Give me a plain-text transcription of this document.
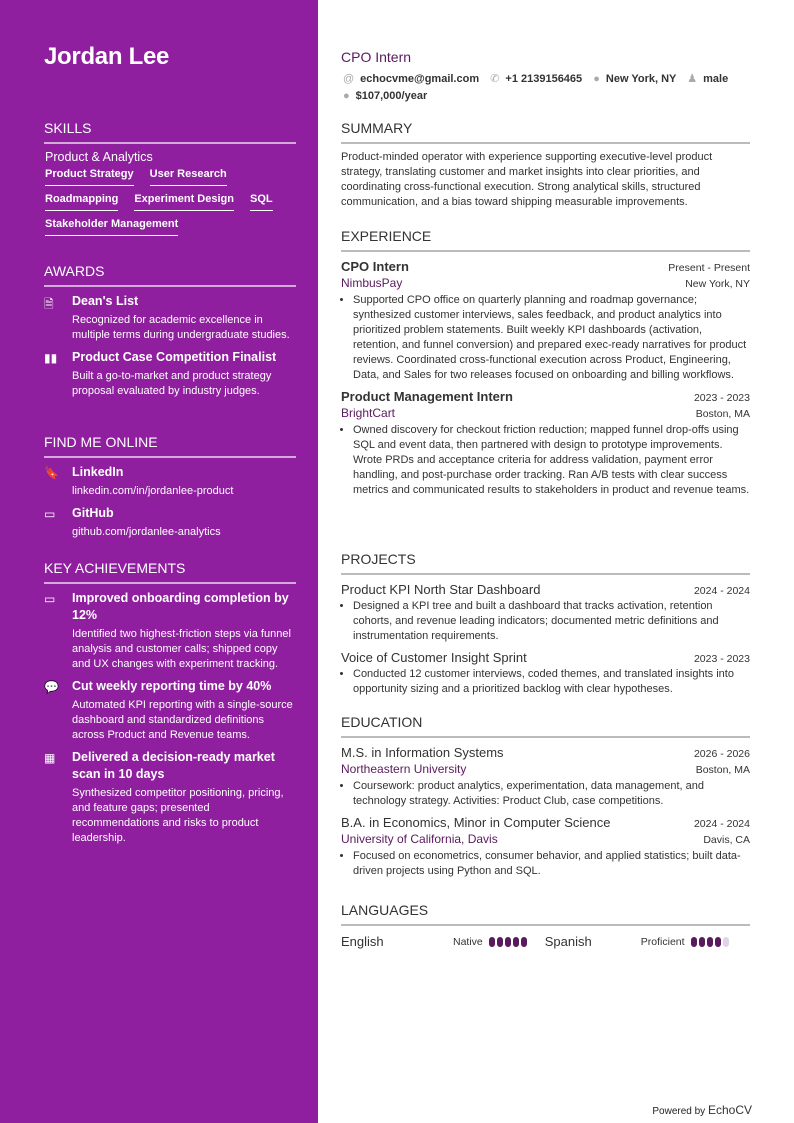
Jordan Lee
SKILLS
Product & Analytics
Product Strategy User Research
Roadmapping Experiment Design SQL
Stakeholder Management
AWARDS
🗎	Dean's List
Recognized for academic excellence in multiple terms during undergraduate studies.
▮▮	Product Case Competition Finalist
Built a go-to-market and product strategy proposal evaluated by industry judges.
FIND ME ONLINE
🔖	LinkedIn
linkedin.com/in/jordanlee-product
▭	GitHub
github.com/jordanlee-analytics
KEY ACHIEVEMENTS
▭	Improved onboarding completion by 12%
Identified two highest-friction steps via funnel analysis and customer calls; shipped copy and UX changes with experiment tracking.
💬	Cut weekly reporting time by 40%
Automated KPI reporting with a single-source dashboard and standardized definitions across Product and Revenue teams.
▦	Delivered a decision-ready market scan in 10 days
Synthesized competitor positioning, pricing, and feature gaps; presented recommendations and risks to product leadership.
CPO Intern
@ echocvme@gmail.com ✆ +1 2139156465 ● New York, NY ♟ male
● $107,000/year
SUMMARY
Product-minded operator with experience supporting executive-level product strategy, translating customer and market insights into clear priorities, and coordinating cross-functional execution. Strong analytical skills, structured communication, and a bias toward shipping measurable improvements.
EXPERIENCE
CPO Intern	Present - Present
NimbusPay	New York, NY
• Supported CPO office on quarterly planning and roadmap governance; synthesized customer interviews, sales feedback, and product analytics into prioritized problem statements. Built weekly KPI dashboards (activation, retention, and funnel conversion) and prepared exec-ready narratives for product reviews. Coordinated cross-functional execution across Product, Engineering, Data, and Sales for two releases focused on onboarding and billing workflows.
Product Management Intern	2023 - 2023
BrightCart	Boston, MA
• Owned discovery for checkout friction reduction; mapped funnel drop-offs using SQL and event data, then partnered with design to prototype improvements. Wrote PRDs and acceptance criteria for address validation, payment error handling, and post-purchase order tracking. Ran A/B tests with clear success metrics and communicated results to stakeholders in product and revenue teams.
PROJECTS
Product KPI North Star Dashboard	2024 - 2024
• Designed a KPI tree and built a dashboard that tracks activation, retention cohorts, and revenue leading indicators; documented metric definitions and instrumentation requirements.
Voice of Customer Insight Sprint	2023 - 2023
• Conducted 12 customer interviews, coded themes, and translated insights into opportunity sizing and a prioritized backlog with clear hypotheses.
EDUCATION
M.S. in Information Systems	2026 - 2026
Northeastern University	Boston, MA
• Coursework: product analytics, experimentation, data management, and technology strategy. Activities: Product Club, case competitions.
B.A. in Economics, Minor in Computer Science	2024 - 2024
University of California, Davis	Davis, CA
• Focused on econometrics, consumer behavior, and applied statistics; built data-driven projects using Python and SQL.
LANGUAGES
English	Native	Spanish	Proficient
Powered by EchoCV
